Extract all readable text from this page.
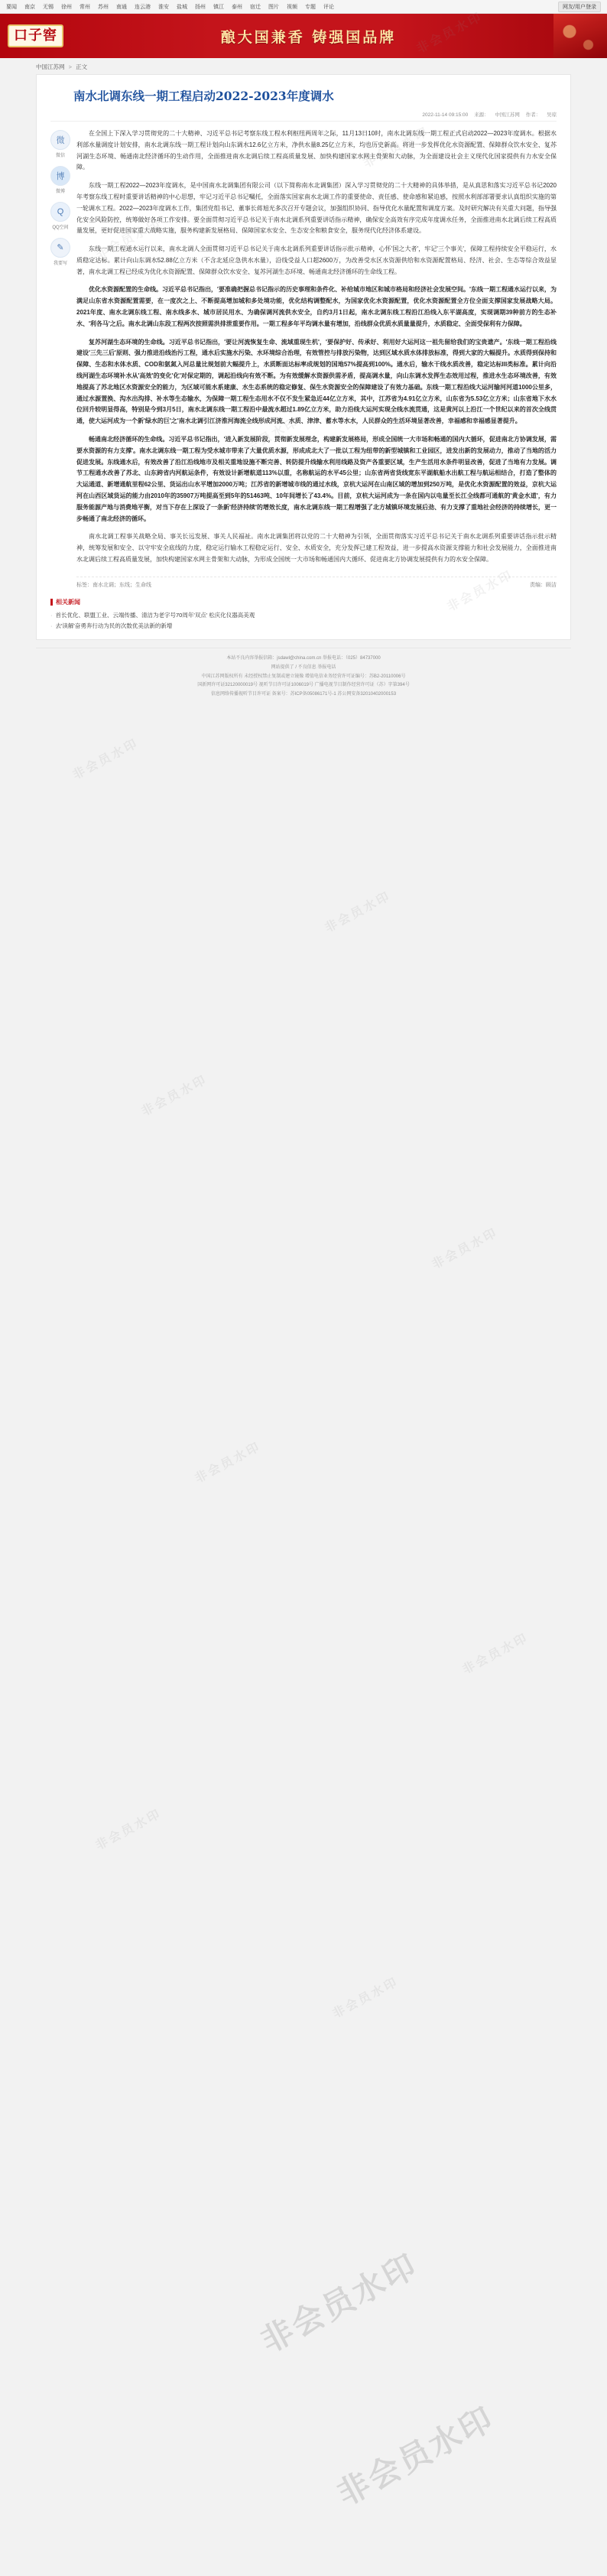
要闻 南京 无锡 徐州 常州 苏州 南通 连云港 淮安 盐城 扬州 镇江 泰州 宿迁 图片 视频 专题 评论	网友/用户登录
口子窖	酿大国兼香 铸强国品牌
中国江苏网 > 正文
南水北调东线一期工程启动2022-2023年度调水
2022-11-14 09:15:00 来源： 中国江苏网 作者： 吴琼
微
微信
博
微博
Q
QQ空间
✎
我要写

在全国上下深入学习贯彻党的二十大精神、习近平总书记考察东线工程水利枢纽两周年之际，11月13日10时，南水北调东线一期工程正式启动2022—2023年度调水。根据水利部水量调度计划安排，南水北调东线一期工程计划向山东调水12.6亿立方米，净供水量8.25亿立方米，均也历史新高。将进一步发挥优化水资源配置、保障群众饮水安全、复苏河湖生态环境、畅通南北经济循环的生动作用，全面推进南水北调后续工程高质量发展、加快构建国家水网主骨架和大动脉，为全面建设社会主义现代化国家提供有力水安全保障。

东线一期工程2022—2023年度调水，是中国南水北调集团有限公司（以下简称南水北调集团）深入学习贯彻党的二十大精神的具体举措，是从真思和落实习近平总书记2020年考察东线工程时重要讲话精神的中心思想，牢记习近平总书记嘱托，全面落实国家南水北调工作的重要使命、责任感、使命感和紧迫感，按照水利部部署要求认真组织实施的第一轮调水工程。2022—2023年度调水工作，集团党组书记、董事长蒋旭光多次召开专题会议，加强组织协同、指导优化水量配置和调度方案。及时研究解决有关重大问题，指导强化安全风险防控，统筹做好各项工作安排。要全面贯彻习近平总书记关于南水北调系列重要讲话指示精神，确保安全高效有序完成年度调水任务，全面推进南水北调后续工程高质量发展，更好促进国家重大战略实施，服务构建新发展格局、保障国家水安全、生态安全和粮食安全，服务现代化经济体系建设。

东线一期工程通水运行以来，南水北调人全面贯彻习近平总书记关于南水北调系列重要讲话指示批示精神，心怀'国之大者'，牢记'三个事关'，保障工程持续安全平稳运行，水质稳定达标。累计向山东调水52.88亿立方米（不含北延应急供水水量），沿线受益人口超2600万，为改善受水区水资源供给和水资源配置格局、经济、社会、生态等综合效益显著，南水北调工程已经成为优化水资源配置、保障群众饮水安全、复苏河湖生态环境、畅通南北经济循环的生命线工程。

优化水资源配置的生命线。习近平总书记指出，'要准确把握总书记指示的历史事理和条件化、补给城市地区和城市格局和经济社会发展空间。'东线一期工程通水运行以来，为满足山东省水资源配置需要，在一度次之上、不断提高增加城和多处境功能，优化结构调整配水，为国家优化水资源配置，优化水资源配置全方位全面支撑国家发展战略大局。2021年度、南水北调东线工程、南水线多水、城市居民用水、为确保调河流供水安全，自约3月1日起，南水北调东线工程沿江沿线入东平湖高度，实现调期39种前方的生态补水、'利各马'之后。南水北调山东段工程两次按照需洪排泄重要作用。一期工程多年平均调水量有增加，沿线群众优质水质量量提升，水质稳定、全面受保利有力保障。

复苏河湖生态环境的生命线。习近平总书记指出，'要让河流恢复生命、流域重现生机'，'要保护好、传承好、利用好大运河这一祖先留给我们的宝贵遗产。'东线一期工程沿线建设'三先三后'原则、强力推进沿线治污工程，通水后实施水污染、水环境综合治理，有效管控与排放污染物，达到区域水质水体排放标准，得到大家的大幅提升。水质得到保持和保障、生态和水体水质、COD和氨氮入河总量比规划前大幅提升上，水质断面达标率成规划的国地57%提高到100%。通水后，输水干线水质改善，稳定达标III类标准。累计向沿线河湖生态环境补水从'高效'的变化'化'对保定期的，调起沿线向有效不断。为有效缓解水资源供需矛盾，提高调水量，向山东调水发挥生态效用过程，推进水生态环境改善，有效地提高了苏北地区水资源安全的能力，为区域可能水系建康、水生态系统的稳定修复、保生水资源安全的保障建设了有效力基础。东线一期工程沿线大运河输河河道1000公里多，通过水源置换、沟水出沟排、补水等生态输水，为保障一期工程生态用水不仅不发生紧急近44亿立方米，其中，江苏省为4.91亿立方米，山东省为5.53亿立方米；山东省地下水水位回升较明显得高，特别是今到3月5日，南水北调东线一期工程沿中最流水超过1.89亿立方米，助力沿线大运河实现全线水流贯通，这是黄河以上沿江一个世纪以来的首次全线贯通，使大运河成为一个新'绿水的巨'之'南水北调引江济淮河海流全线形成河流、水质、津津、蓄水等水水，人民群众的生活环境显著改善，幸福感和幸福感显著提升。

畅通南北经济循环的生命线。习近平总书记指出，'进入新发展阶段，贯彻新发展理念，构建新发展格局，形成全国统一大市场和畅通的国内大循环，促进南北方协调发展，需要水资源的有力支撑'。南水北调东线一期工程为受水城市带来了大量优质水源，形成成北大了一批以工程为纽带的新型城镇和工业园区，进发出新的发展动力，推动了当地的活力促进发展。东线通水后，有效改善了沿江沿线地市及相关重地设施不断完善、转防提升线输水利用线路及资产各重要区域，生产生活用水条件明显改善，促进了当地有力发展。调节工程通水改善了苏北、山东跨省内河航运条件，有效设计新增航道113%以重，名称航运的水平45公里；山东省两省货线宽东平湖航船水出航工程与航运相结合，打造了整体的大运通道、新增通航里程62公里、货运出山水平增加2000万吨；江苏省的新增城市线的通过水线，京杭大运河在山南区域的增加到250万吨，是优化水资源配置的效益，京杭大运河在山西区域货运的能力由2010年的35907万吨提高至到5年的51463吨、10年间增长了43.4%。目前，京杭大运河成为一条在国内以电量至长江全线都可通航的'黄金水道'，有力服务能源产地与消费地平衡，对当下存在上深设了一条新'经济持续'的增效长度，南水北调东线一期工程增强了北方城镇环境发展后劲、有力支撑了重地社会经济的持续增长，更一步畅通了南北经济的循环。

南水北调工程事关战略全局、事关长远发展、事关人民福祉。南水北调集团将以党的二十大精神为引领，全面贯彻落实习近平总书记关于南水北调系列重要讲话指示批示精神，统筹发展和安全、以守牢安全底线的力度，稳定运行输水工程稳定运行、安全、水质安全，充分发挥已建工程效益，进一步提高水资源支撑能力和社会发展能力，全面推进南水北调后续工程高质量发展，加快构建国家水网主骨架和大动脉，为形成全国统一大市场和畅通国内大循环、促进南北方协调发展提供有力的水安全保障。

标签：南水北调；东线；生命线	责编：顾洁
相关新闻
· 首长优化、联盟工业、云端传播、清洁为老字号70周年'双点' 松庆化仪器高美观
· 去'读解'奋勇奔行动为民的次数优美法新的新增
本站不良内容举报信箱：jsdawl@china.com.cn 举报电话：（025）84737000
网站提供了 / 不良信息 举报电话
中国江苏网版权所有 未经授权禁止复制或建立镜像 增值电信业务经营许可证编号：苏B2-20110006号
国新网许可证32120000019号 视听节目许可证1006019号 广播电视节目制作经营许可证（苏）字第394号
信息网络传播视听节目许可证 备案号：苏ICP备05086171号-1 苏公网安备32010402000153
非会员水印
非会员水印
非会员水印
非会员水印
非会员水印
非会员水印
非会员水印
非会员水印
非会员水印
非会员水印
